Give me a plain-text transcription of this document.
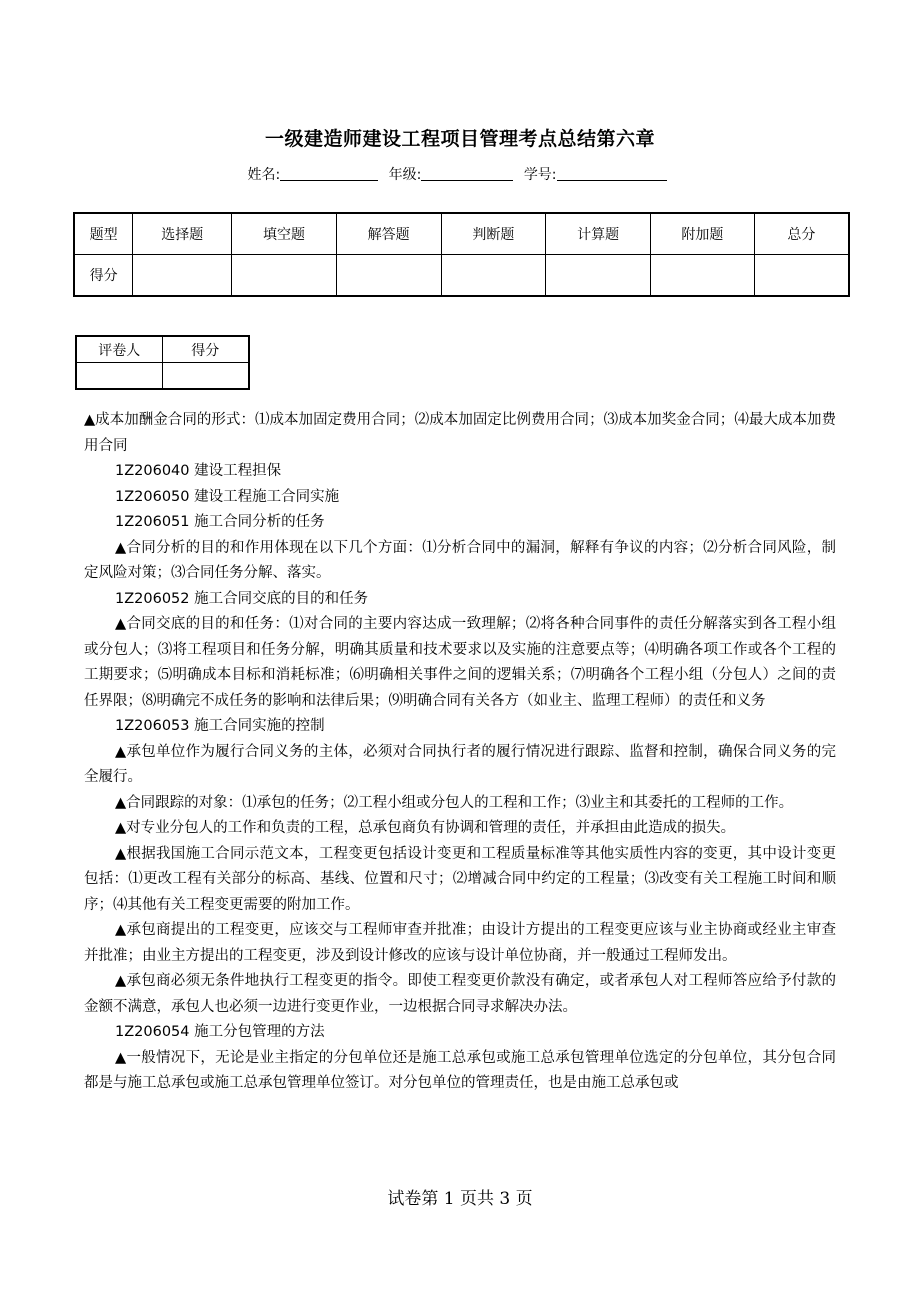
一级建造师建设工程项目管理考点总结第六章
姓名:	年级:	学号:
题型	选择题	填空题	解答题	判断题	计算题	附加题	总分
得分							
评卷人	得分

▲成本加酬金合同的形式：⑴成本加固定费用合同；⑵成本加固定比例费用合同；⑶成本加奖金合同；⑷最大成本加费用合同

1Z206040 建设工程担保

1Z206050 建设工程施工合同实施

1Z206051 施工合同分析的任务

▲合同分析的目的和作用体现在以下几个方面：⑴分析合同中的漏洞，解释有争议的内容；⑵分析合同风险，制定风险对策；⑶合同任务分解、落实。

1Z206052 施工合同交底的目的和任务

▲合同交底的目的和任务：⑴对合同的主要内容达成一致理解；⑵将各种合同事件的责任分解落实到各工程小组或分包人；⑶将工程项目和任务分解，明确其质量和技术要求以及实施的注意要点等；⑷明确各项工作或各个工程的工期要求；⑸明确成本目标和消耗标准；⑹明确相关事件之间的逻辑关系；⑺明确各个工程小组（分包人）之间的责任界限；⑻明确完不成任务的影响和法律后果；⑼明确合同有关各方（如业主、监理工程师）的责任和义务

1Z206053 施工合同实施的控制

▲承包单位作为履行合同义务的主体，必须对合同执行者的履行情况进行跟踪、监督和控制，确保合同义务的完全履行。

▲合同跟踪的对象：⑴承包的任务；⑵工程小组或分包人的工程和工作；⑶业主和其委托的工程师的工作。

▲对专业分包人的工作和负责的工程，总承包商负有协调和管理的责任，并承担由此造成的损失。

▲根据我国施工合同示范文本，工程变更包括设计变更和工程质量标准等其他实质性内容的变更，其中设计变更包括：⑴更改工程有关部分的标高、基线、位置和尺寸；⑵增减合同中约定的工程量；⑶改变有关工程施工时间和顺序；⑷其他有关工程变更需要的附加工作。

▲承包商提出的工程变更，应该交与工程师审查并批准；由设计方提出的工程变更应该与业主协商或经业主审查并批准；由业主方提出的工程变更，涉及到设计修改的应该与设计单位协商，并一般通过工程师发出。

▲承包商必须无条件地执行工程变更的指令。即使工程变更价款没有确定，或者承包人对工程师答应给予付款的金额不满意，承包人也必须一边进行变更作业，一边根据合同寻求解决办法。

1Z206054 施工分包管理的方法

▲一般情况下，无论是业主指定的分包单位还是施工总承包或施工总承包管理单位选定的分包单位，其分包合同都是与施工总承包或施工总承包管理单位签订。对分包单位的管理责任，也是由施工总承包或

试卷第 1 页共 3 页
